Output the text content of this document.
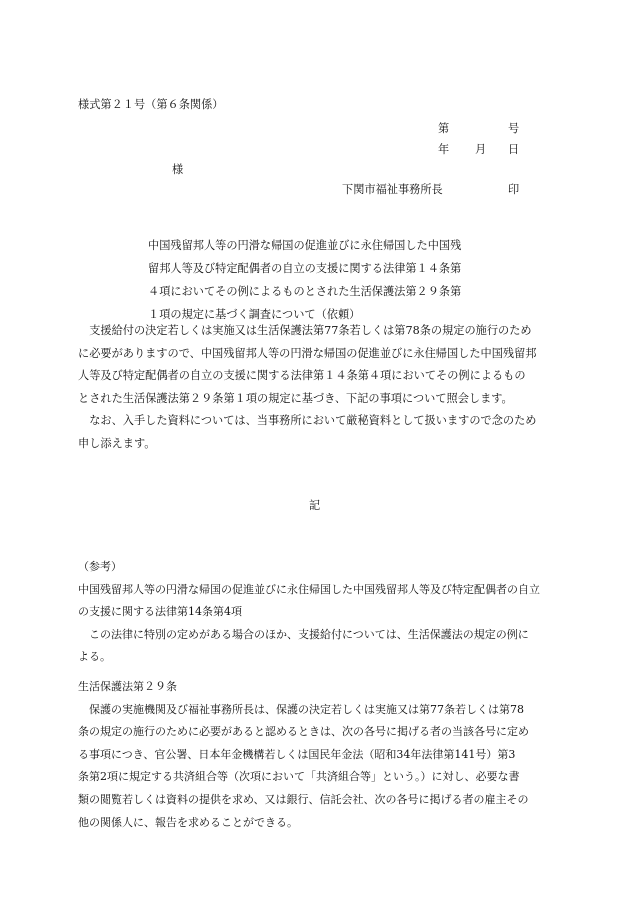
様式第２１号（第６条関係）
第	号
年 月 日
様
下関市福祉事務所長	印
中国残留邦人等の円滑な帰国の促進並びに永住帰国した中国残
留邦人等及び特定配偶者の自立の支援に関する法律第１４条第
４項においてその例によるものとされた生活保護法第２９条第
１項の規定に基づく調査について（依頼）
　支援給付の決定若しくは実施又は生活保護法第77条若しくは第78条の規定の施行のため
に必要がありますので、中国残留邦人等の円滑な帰国の促進並びに永住帰国した中国残留邦
人等及び特定配偶者の自立の支援に関する法律第１４条第４項においてその例によるもの
とされた生活保護法第２９条第１項の規定に基づき、下記の事項について照会します。
　なお、入手した資料については、当事務所において厳秘資料として扱いますので念のため
申し添えます。
記
（参考）
中国残留邦人等の円滑な帰国の促進並びに永住帰国した中国残留邦人等及び特定配偶者の自立
の支援に関する法律第14条第4項
　この法律に特別の定めがある場合のほか、支援給付については、生活保護法の規定の例に
よる。
生活保護法第２９条
　保護の実施機関及び福祉事務所長は、保護の決定若しくは実施又は第77条若しくは第78
条の規定の施行のために必要があると認めるときは、次の各号に掲げる者の当該各号に定め
る事項につき、官公署、日本年金機構若しくは国民年金法（昭和34年法律第141号）第3
条第2項に規定する共済組合等（次項において「共済組合等」という。）に対し、必要な書
類の閲覧若しくは資料の提供を求め、又は銀行、信託会社、次の各号に掲げる者の雇主その
他の関係人に、報告を求めることができる。
